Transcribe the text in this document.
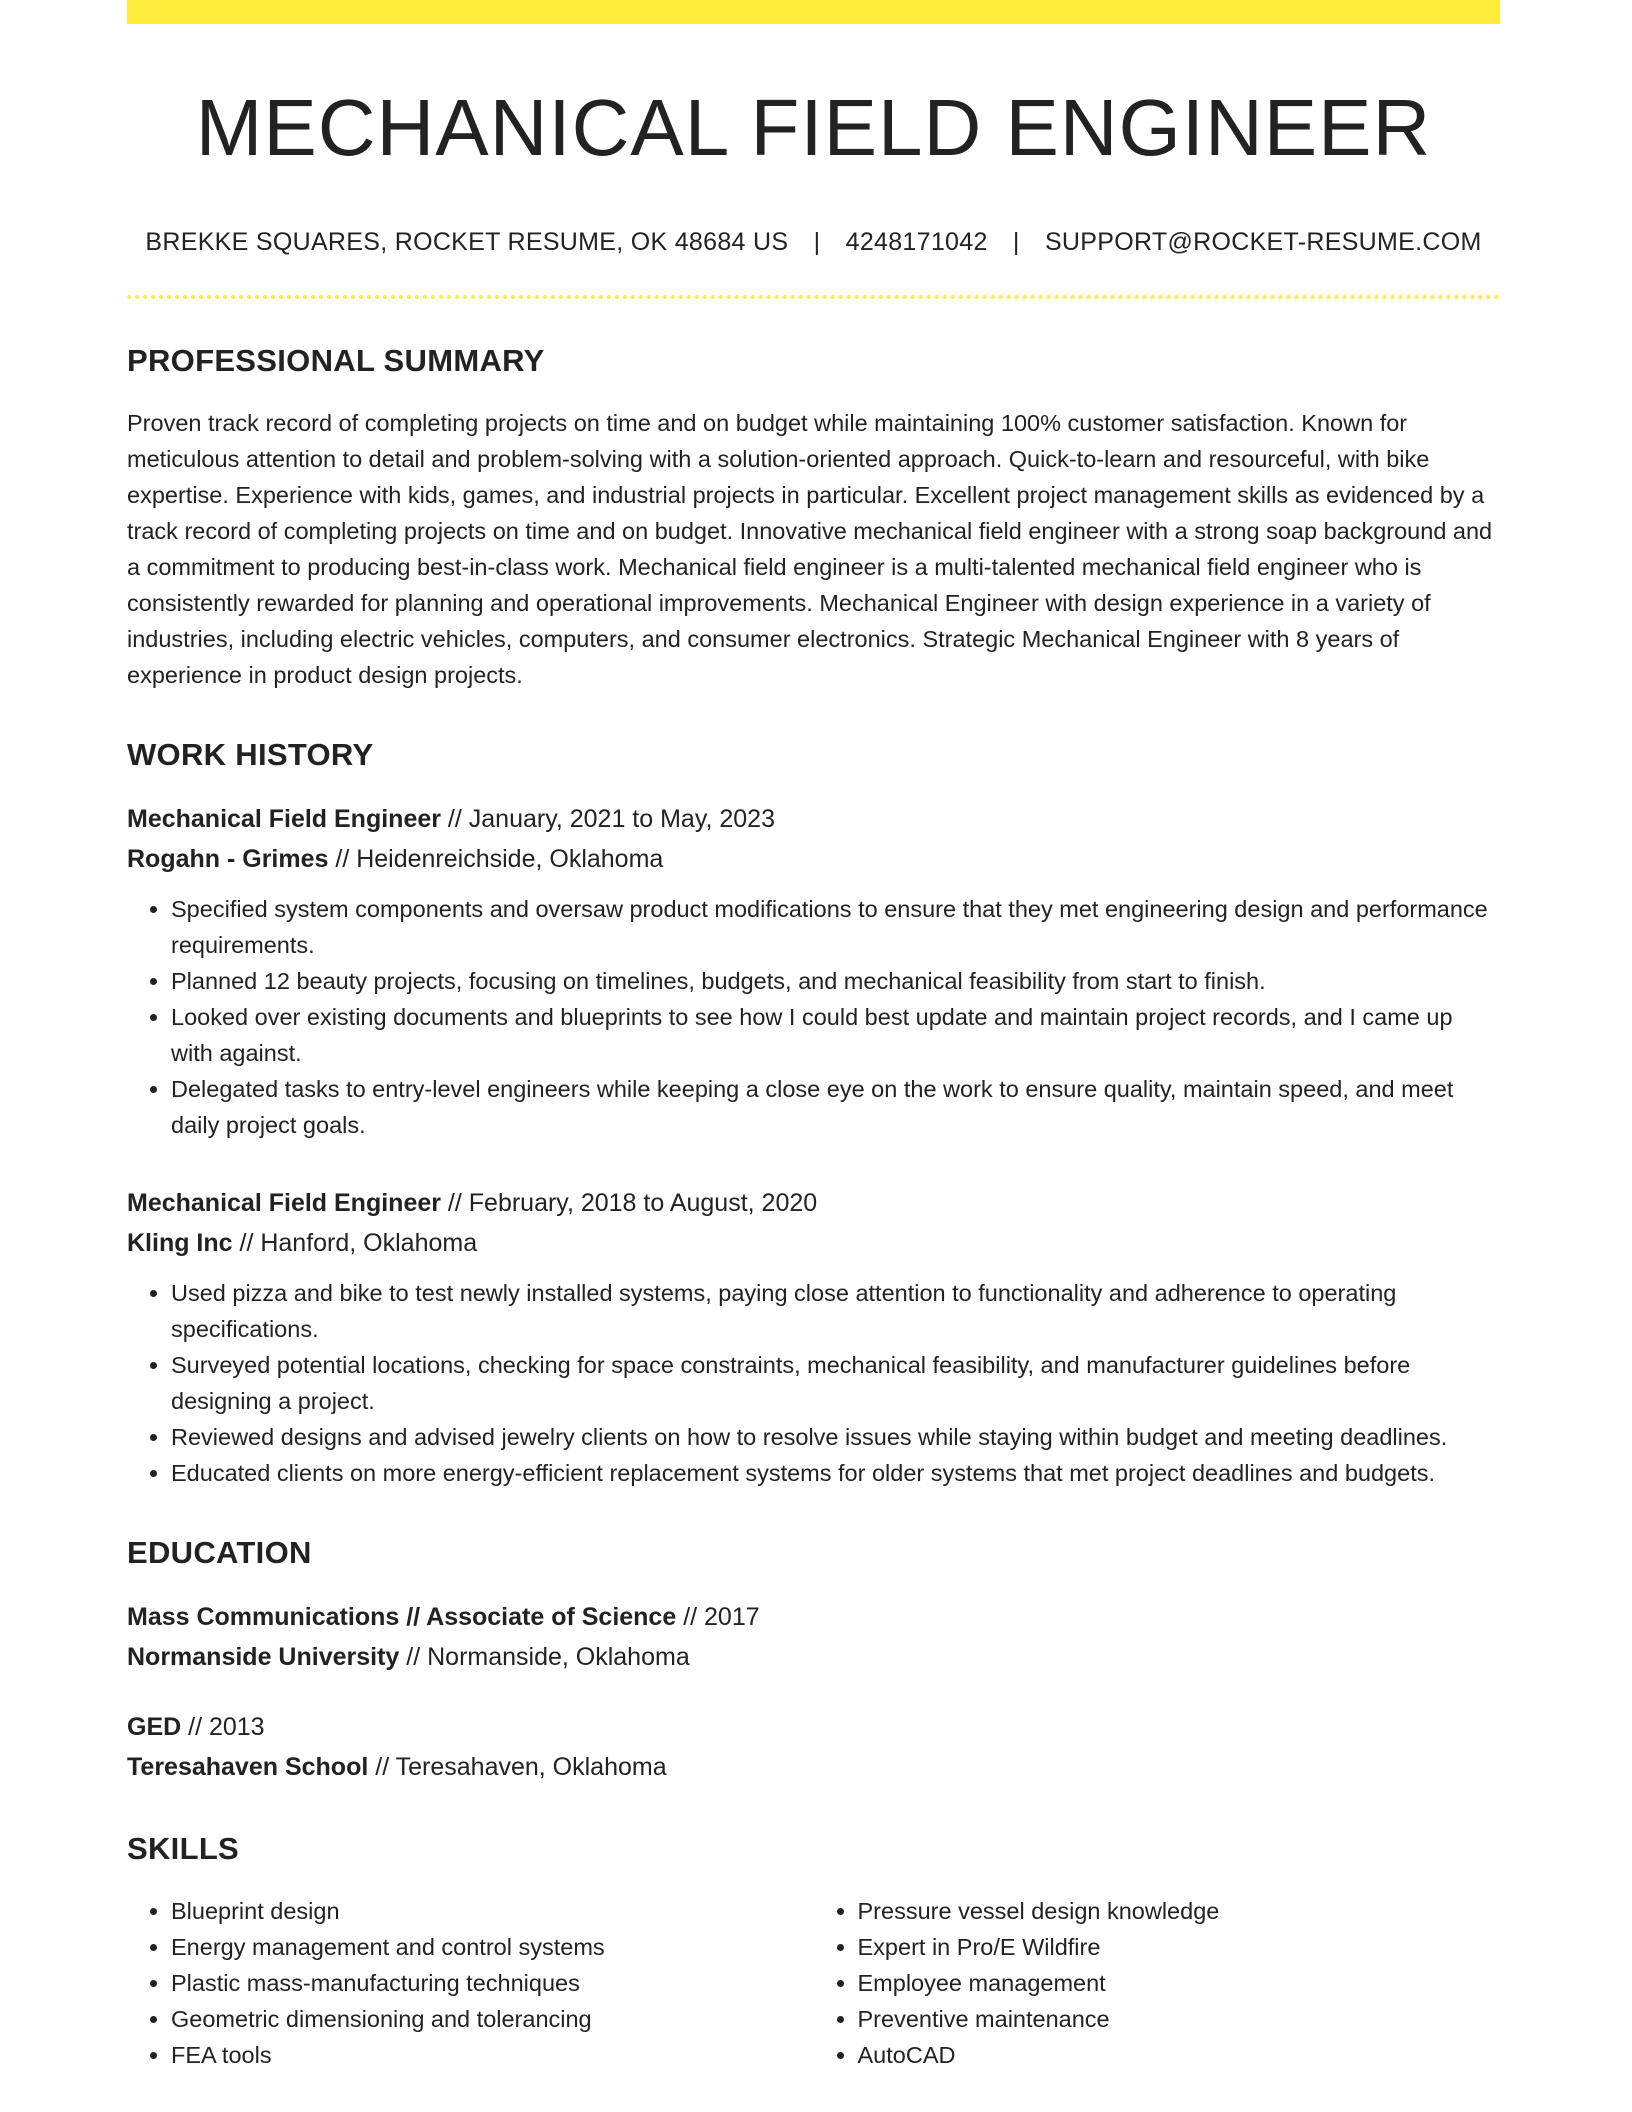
MECHANICAL FIELD ENGINEER
BREKKE SQUARES, ROCKET RESUME, OK 48684 US | 4248171042 | SUPPORT@ROCKET-RESUME.COM
PROFESSIONAL SUMMARY

Proven track record of completing projects on time and on budget while maintaining 100% customer satisfaction. Known for meticulous attention to detail and problem-solving with a solution-oriented approach. Quick-to-learn and resourceful, with bike expertise. Experience with kids, games, and industrial projects in particular. Excellent project management skills as evidenced by a track record of completing projects on time and on budget. Innovative mechanical field engineer with a strong soap background and a commitment to producing best-in-class work. Mechanical field engineer is a multi-talented mechanical field engineer who is consistently rewarded for planning and operational improvements. Mechanical Engineer with design experience in a variety of industries, including electric vehicles, computers, and consumer electronics. Strategic Mechanical Engineer with 8 years of experience in product design projects.

WORK HISTORY
Mechanical Field Engineer // January, 2021 to May, 2023
Rogahn - Grimes // Heidenreichside, Oklahoma
• Specified system components and oversaw product modifications to ensure that they met engineering design and performance requirements.
• Planned 12 beauty projects, focusing on timelines, budgets, and mechanical feasibility from start to finish.
• Looked over existing documents and blueprints to see how I could best update and maintain project records, and I came up with against.
• Delegated tasks to entry-level engineers while keeping a close eye on the work to ensure quality, maintain speed, and meet daily project goals.
Mechanical Field Engineer // February, 2018 to August, 2020
Kling Inc // Hanford, Oklahoma
• Used pizza and bike to test newly installed systems, paying close attention to functionality and adherence to operating specifications.
• Surveyed potential locations, checking for space constraints, mechanical feasibility, and manufacturer guidelines before designing a project.
• Reviewed designs and advised jewelry clients on how to resolve issues while staying within budget and meeting deadlines.
• Educated clients on more energy-efficient replacement systems for older systems that met project deadlines and budgets.
EDUCATION
Mass Communications // Associate of Science // 2017
Normanside University // Normanside, Oklahoma
GED // 2013
Teresahaven School // Teresahaven, Oklahoma
SKILLS
• Blueprint design
• Energy management and control systems
• Plastic mass-manufacturing techniques
• Geometric dimensioning and tolerancing
• FEA tools
• Pressure vessel design knowledge
• Expert in Pro/E Wildfire
• Employee management
• Preventive maintenance
• AutoCAD
